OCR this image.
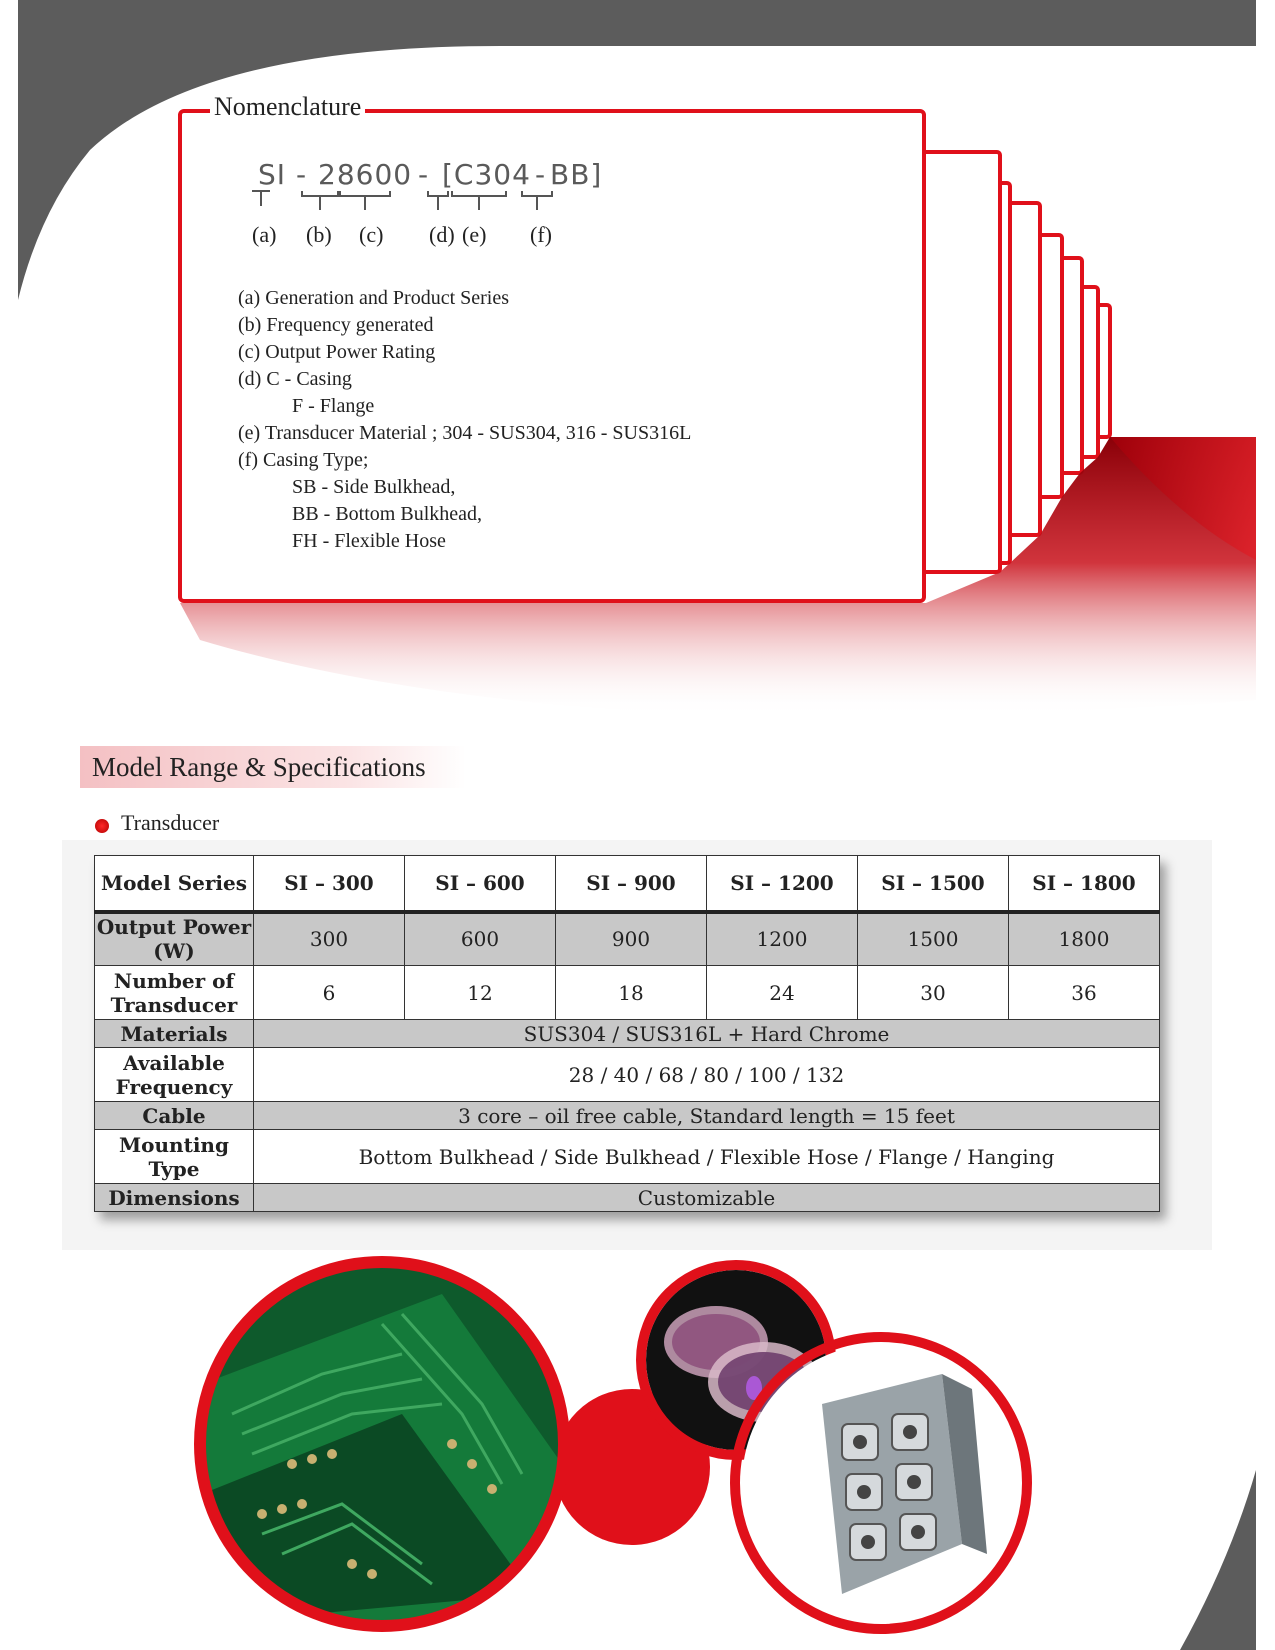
Nomenclature
SI - 28600 - [C304 - BB]
(a) (b) (c) (d) (e) (f)
(a) Generation and Product Series
(b) Frequency generated
(c) Output Power Rating
(d) C - Casing
F - Flange
(e) Transducer Material ; 304 - SUS304, 316 - SUS316L
(f) Casing Type;
SB - Side Bulkhead,
BB - Bottom Bulkhead,
FH - Flexible Hose
Model Range & Specifications
Transducer
Model Series	SI – 300	SI – 600	SI – 900	SI – 1200	SI – 1500	SI – 1800
Output Power (W)	300	600	900	1200	1500	1800
Number of Transducer	6	12	18	24	30	36
Materials	SUS304 / SUS316L + Hard Chrome					
Available Frequency	28 / 40 / 68 / 80 / 100 / 132					
Cable	3 core – oil free cable, Standard length = 15 feet					
Mounting Type	Bottom Bulkhead / Side Bulkhead / Flexible Hose / Flange / Hanging					
Dimensions	Customizable					
